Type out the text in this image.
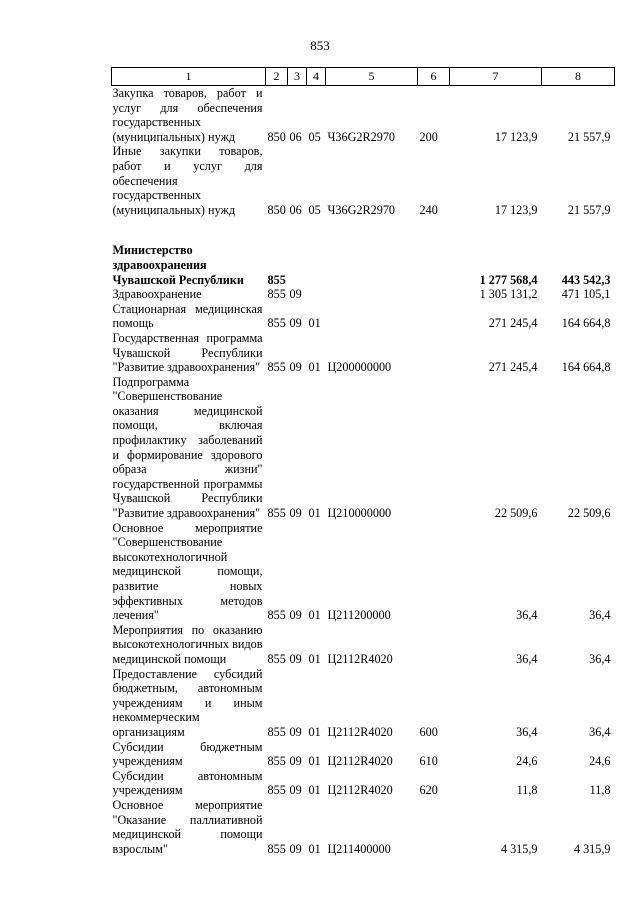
853
1	2	3	4	5	6	7	8
Закупка товаров, работ и услуг для обеспечения государственных (муниципальных) нужд	850	06	05	Ч36G2R2970	200	17 123,9	21 557,9
Иные закупки товаров, работ и услуг для обеспечения государственных (муниципальных) нужд	850	06	05	Ч36G2R2970	240	17 123,9	21 557,9
Министерство здравоохранения Чувашской Республики	855					1 277 568,4	443 542,3
Здравоохранение	855	09				1 305 131,2	471 105,1
Стационарная медицинская помощь	855	09	01			271 245,4	164 664,8
Государственная программа Чувашской Республики "Развитие здравоохранения"	855	09	01	Ц200000000		271 245,4	164 664,8
Подпрограмма "Совершенствование оказания медицинской помощи, включая профилактику заболеваний и формирование здорового образа жизни" государственной программы Чувашской Республики "Развитие здравоохранения"	855	09	01	Ц210000000		22 509,6	22 509,6
Основное мероприятие "Совершенствование высокотехнологичной медицинской помощи, развитие новых эффективных методов лечения"	855	09	01	Ц211200000		36,4	36,4
Мероприятия по оказанию высокотехнологичных видов медицинской помощи	855	09	01	Ц2112R4020		36,4	36,4
Предоставление субсидий бюджетным, автономным учреждениям и иным некоммерческим организациям	855	09	01	Ц2112R4020	600	36,4	36,4
Субсидии бюджетным учреждениям	855	09	01	Ц2112R4020	610	24,6	24,6
Субсидии автономным учреждениям	855	09	01	Ц2112R4020	620	11,8	11,8
Основное мероприятие "Оказание паллиативной медицинской помощи взрослым"	855	09	01	Ц211400000		4 315,9	4 315,9
